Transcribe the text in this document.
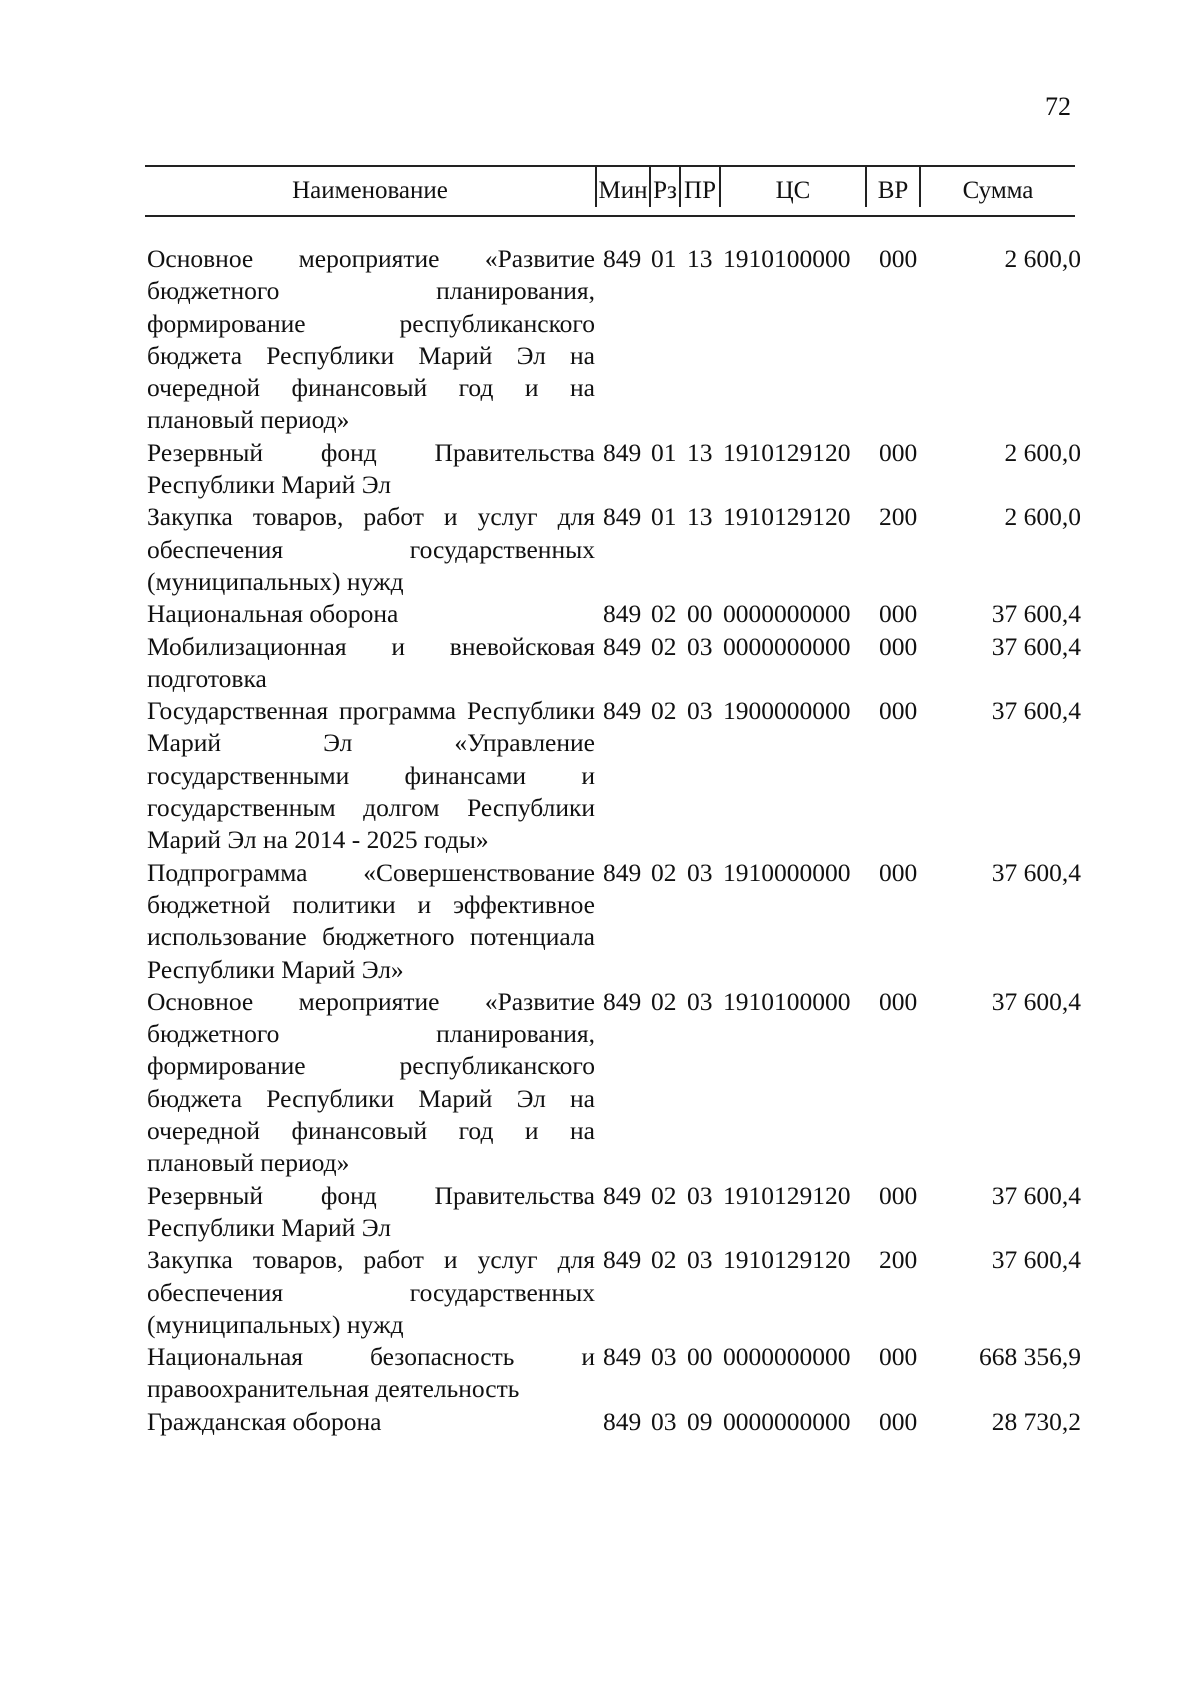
72
Наименование	Мин Рз ПР	ЦС	ВР	Сумма
Основное мероприятие «Развитие бюджетного планирования, формирование республиканского бюджета Республики Марий Эл на очередной финансовый год и на плановый период»
849 01 13 1910100000 000	2 600,0
Резервный фонд Правительства Республики Марий Эл
849 01 13 1910129120 000	2 600,0
Закупка товаров, работ и услуг для обеспечения государственных (муниципальных) нужд
849 01 13 1910129120 200	2 600,0
Национальная оборона	849 02 00 0000000000 000	37 600,4
Мобилизационная и вневойсковая подготовка
849 02 03 0000000000 000	37 600,4
Государственная программа Республики Марий Эл «Управление государственными финансами и государственным долгом Республики Марий Эл на 2014 - 2025 годы»
849 02 03 1900000000 000	37 600,4
Подпрограмма «Совершенствование бюджетной политики и эффективное использование бюджетного потенциала Республики Марий Эл»
849 02 03 1910000000 000	37 600,4
Основное мероприятие «Развитие бюджетного планирования, формирование республиканского бюджета Республики Марий Эл на очередной финансовый год и на плановый период»
849 02 03 1910100000 000	37 600,4
Резервный фонд Правительства Республики Марий Эл
849 02 03 1910129120 000	37 600,4
Закупка товаров, работ и услуг для обеспечения государственных (муниципальных) нужд
849 02 03 1910129120 200	37 600,4
Национальная безопасность и правоохранительная деятельность
849 03 00 0000000000 000	668 356,9
Гражданская оборона	849 03 09 0000000000 000	28 730,2
